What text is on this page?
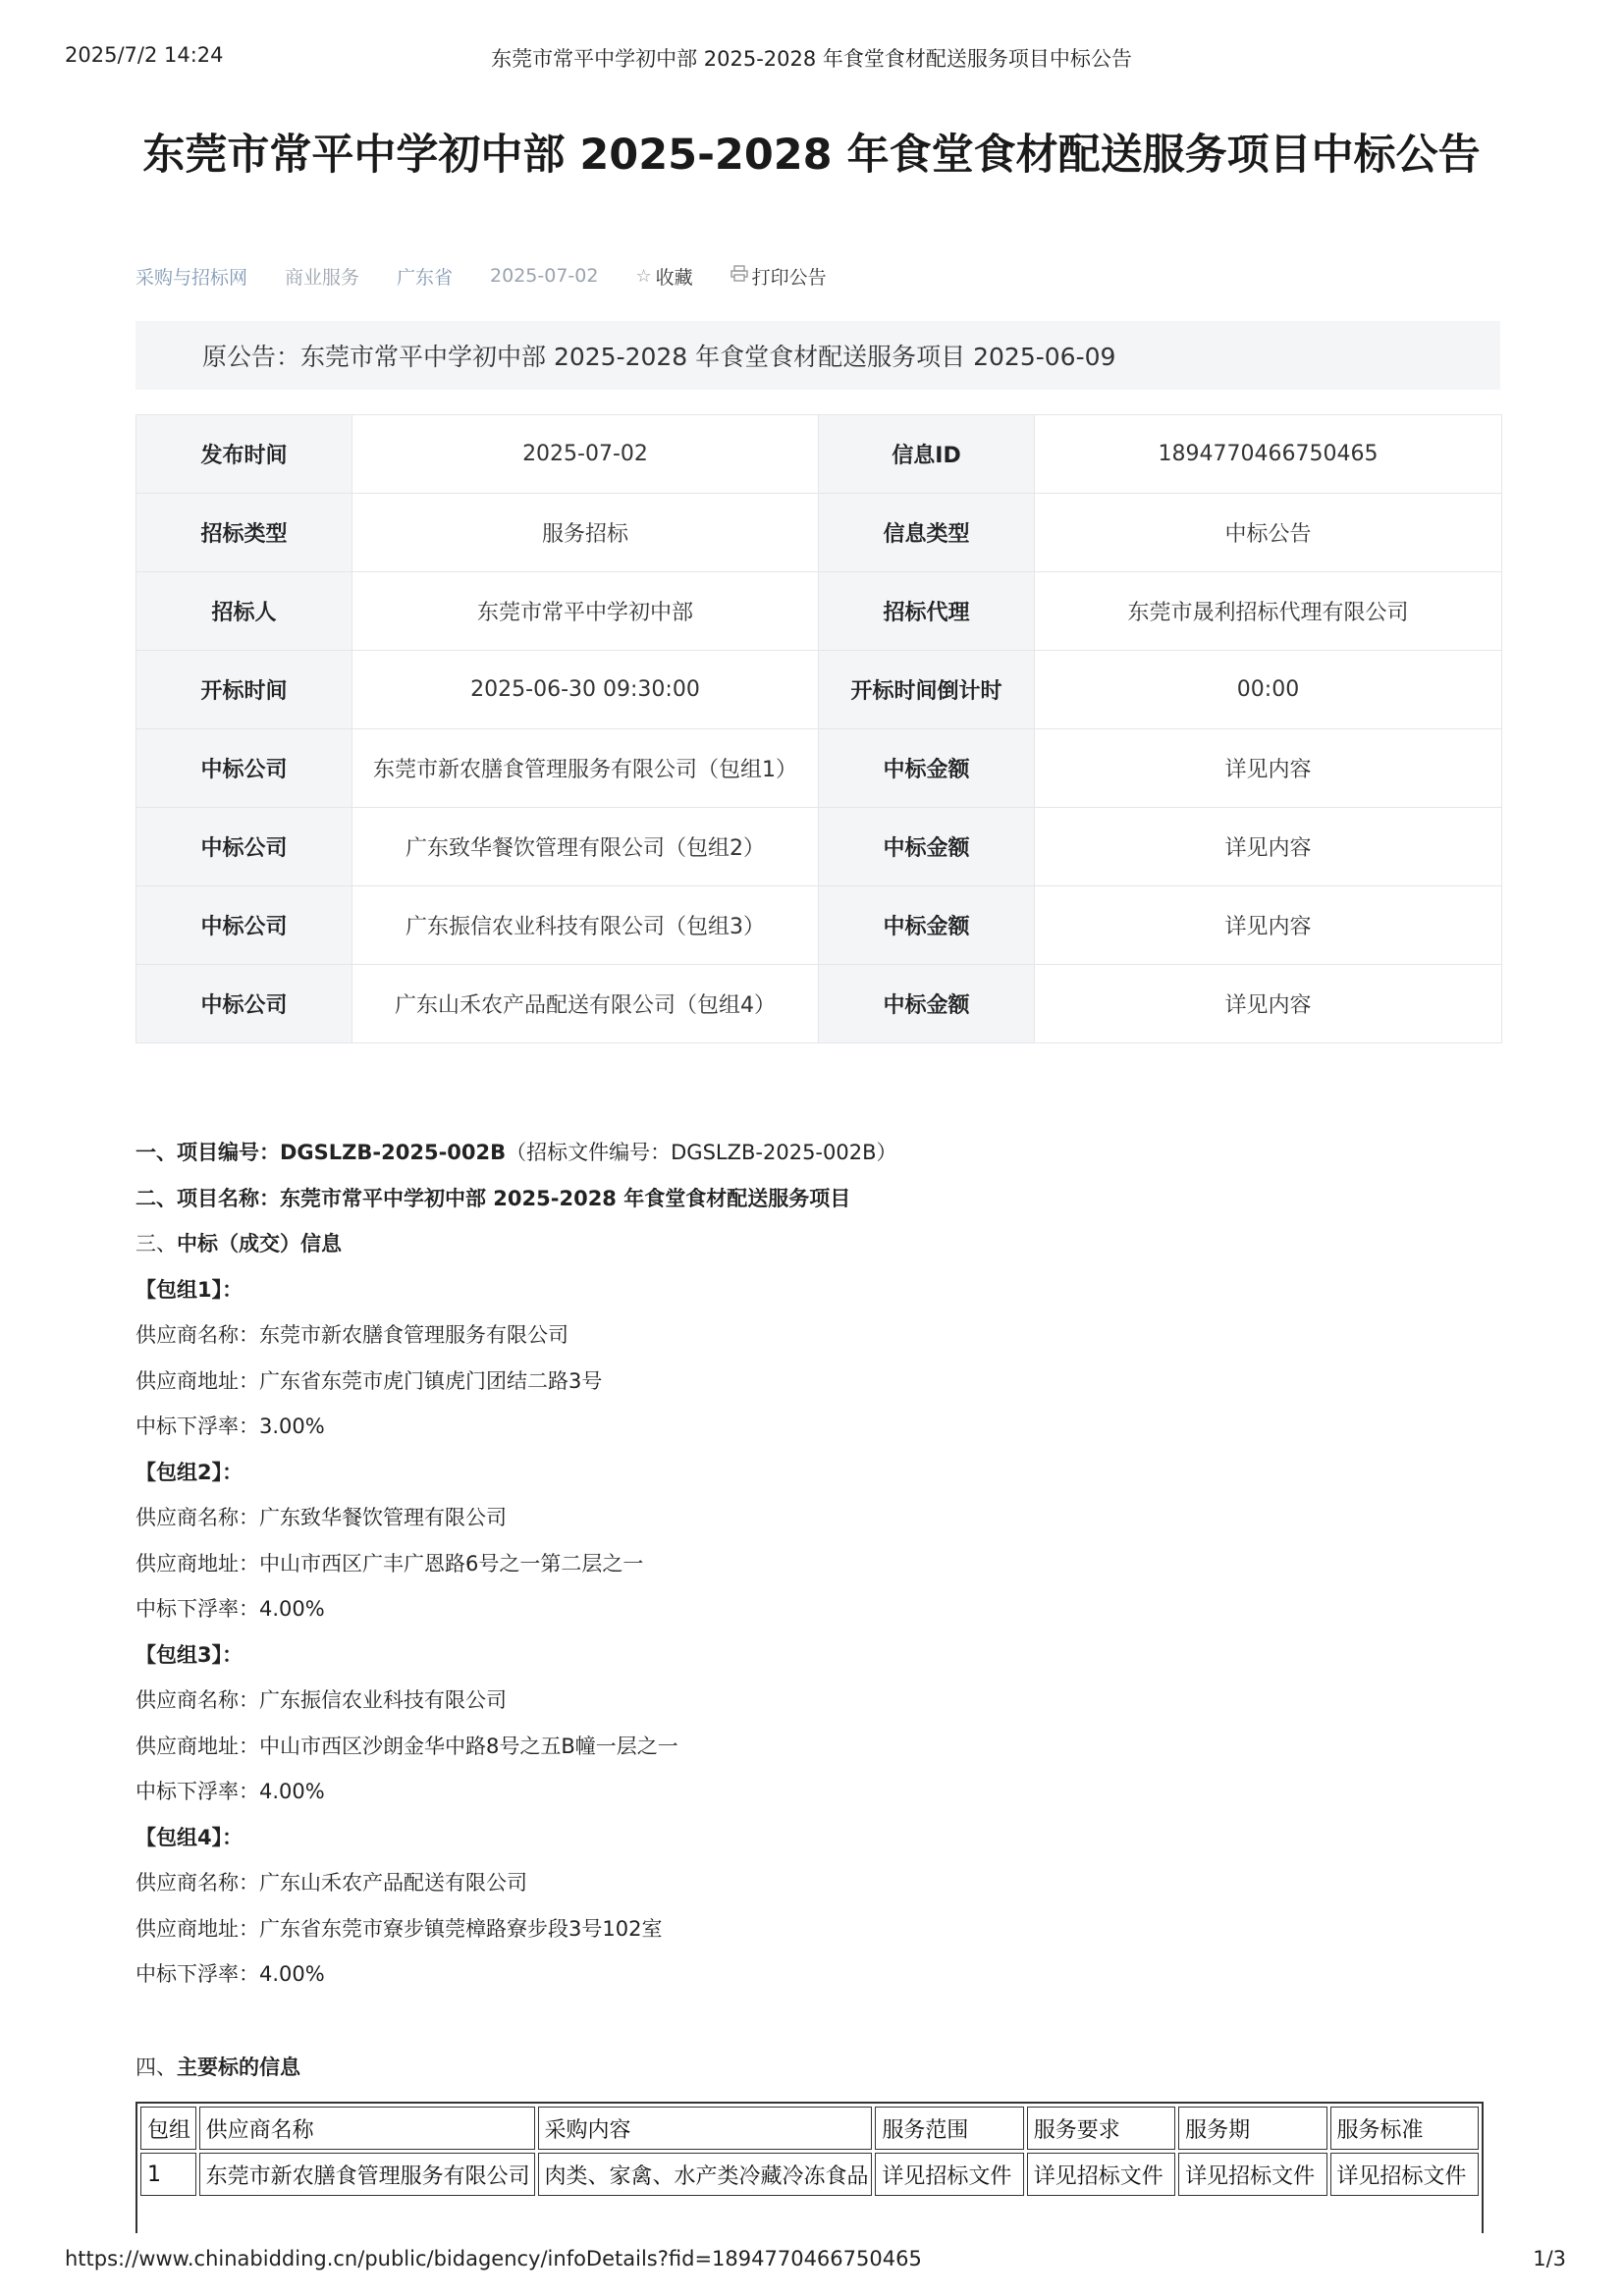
2025/7/2 14:24	东莞市常平中学初中部 2025-2028 年食堂食材配送服务项目中标公告
东莞市常平中学初中部 2025-2028 年食堂食材配送服务项目中标公告
采购与招标网 商业服务 广东省 2025-07-02 ☆ 收藏	打印公告
原公告：东莞市常平中学初中部 2025-2028 年食堂食材配送服务项目 2025-06-09
发布时间	2025-07-02	信息ID	1894770466750465
招标类型	服务招标	信息类型	中标公告
招标人	东莞市常平中学初中部	招标代理	东莞市晟利招标代理有限公司
开标时间	2025-06-30 09:30:00	开标时间倒计时	00:00
中标公司	东莞市新农膳食管理服务有限公司（包组1）	中标金额	详见内容
中标公司	广东致华餐饮管理有限公司（包组2）	中标金额	详见内容
中标公司	广东振信农业科技有限公司（包组3）	中标金额	详见内容
中标公司	广东山禾农产品配送有限公司（包组4）	中标金额	详见内容
一、项目编号：DGSLZB-2025-002B（招标文件编号：DGSLZB-2025-002B）
二、项目名称：东莞市常平中学初中部 2025-2028 年食堂食材配送服务项目
三、中标（成交）信息
【包组1】：
供应商名称：东莞市新农膳食管理服务有限公司
供应商地址：广东省东莞市虎门镇虎门团结二路3号
中标下浮率：3.00%
【包组2】：
供应商名称：广东致华餐饮管理有限公司
供应商地址：中山市西区广丰广恩路6号之一第二层之一
中标下浮率：4.00%
【包组3】：
供应商名称：广东振信农业科技有限公司
供应商地址：中山市西区沙朗金华中路8号之五B幢一层之一
中标下浮率：4.00%
【包组4】：
供应商名称：广东山禾农产品配送有限公司
供应商地址：广东省东莞市寮步镇莞樟路寮步段3号102室
中标下浮率：4.00%
四、主要标的信息
包组	供应商名称	采购内容	服务范围	服务要求	服务期	服务标准
1	东莞市新农膳食管理服务有限公司	肉类、家禽、水产类冷藏冷冻食品	详见招标文件	详见招标文件	详见招标文件	详见招标文件
https://www.chinabidding.cn/public/bidagency/infoDetails?fid=1894770466750465	1/3
